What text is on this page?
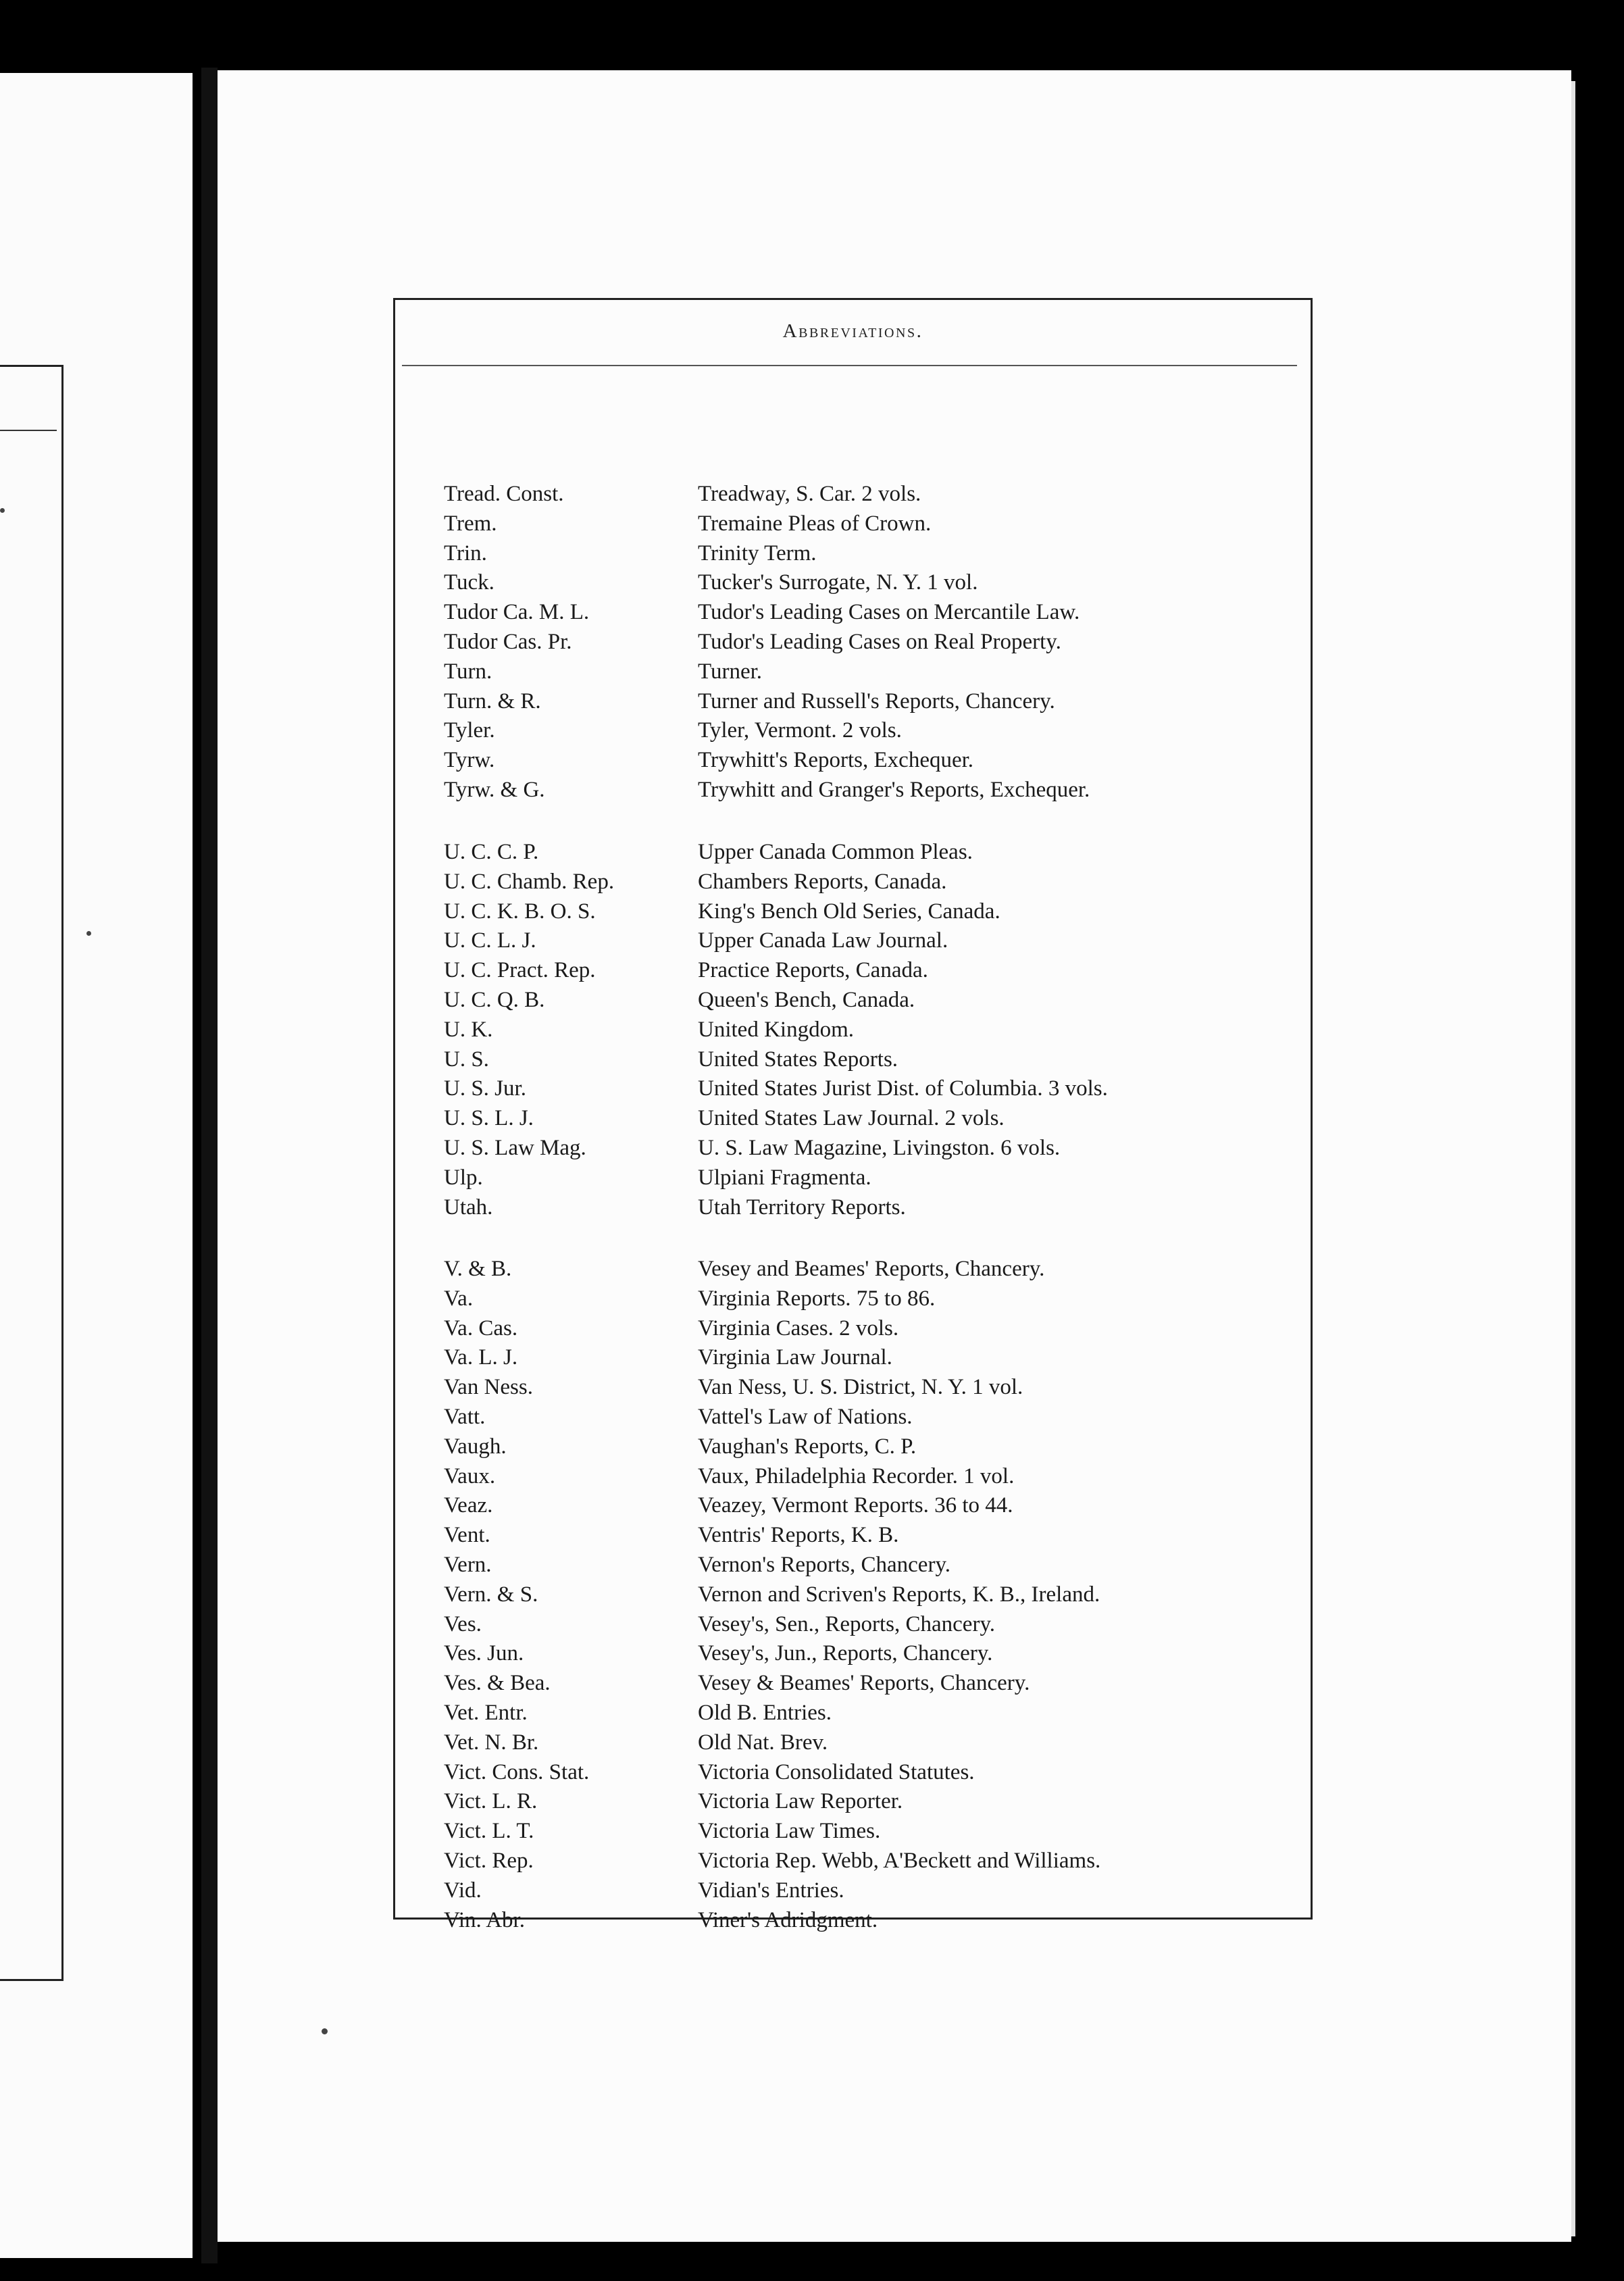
Abbreviations.
Tread. Const.	Treadway, S. Car. 2 vols.
Trem.	Tremaine Pleas of Crown.
Trin.	Trinity Term.
Tuck.	Tucker's Surrogate, N. Y. 1 vol.
Tudor Ca. M. L.	Tudor's Leading Cases on Mercantile Law.
Tudor Cas. Pr.	Tudor's Leading Cases on Real Property.
Turn.	Turner.
Turn. & R.	Turner and Russell's Reports, Chancery.
Tyler.	Tyler, Vermont. 2 vols.
Tyrw.	Trywhitt's Reports, Exchequer.
Tyrw. & G.	Trywhitt and Granger's Reports, Exchequer.
U. C. C. P.	Upper Canada Common Pleas.
U. C. Chamb. Rep.	Chambers Reports, Canada.
U. C. K. B. O. S.	King's Bench Old Series, Canada.
U. C. L. J.	Upper Canada Law Journal.
U. C. Pract. Rep.	Practice Reports, Canada.
U. C. Q. B.	Queen's Bench, Canada.
U. K.	United Kingdom.
U. S.	United States Reports.
U. S. Jur.	United States Jurist Dist. of Columbia. 3 vols.
U. S. L. J.	United States Law Journal. 2 vols.
U. S. Law Mag.	U. S. Law Magazine, Livingston. 6 vols.
Ulp.	Ulpiani Fragmenta.
Utah.	Utah Territory Reports.
V. & B.	Vesey and Beames' Reports, Chancery.
Va.	Virginia Reports. 75 to 86.
Va. Cas.	Virginia Cases. 2 vols.
Va. L. J.	Virginia Law Journal.
Van Ness.	Van Ness, U. S. District, N. Y. 1 vol.
Vatt.	Vattel's Law of Nations.
Vaugh.	Vaughan's Reports, C. P.
Vaux.	Vaux, Philadelphia Recorder. 1 vol.
Veaz.	Veazey, Vermont Reports. 36 to 44.
Vent.	Ventris' Reports, K. B.
Vern.	Vernon's Reports, Chancery.
Vern. & S.	Vernon and Scriven's Reports, K. B., Ireland.
Ves.	Vesey's, Sen., Reports, Chancery.
Ves. Jun.	Vesey's, Jun., Reports, Chancery.
Ves. & Bea.	Vesey & Beames' Reports, Chancery.
Vet. Entr.	Old B. Entries.
Vet. N. Br.	Old Nat. Brev.
Vict. Cons. Stat.	Victoria Consolidated Statutes.
Vict. L. R.	Victoria Law Reporter.
Vict. L. T.	Victoria Law Times.
Vict. Rep.	Victoria Rep. Webb, A'Beckett and Williams.
Vid.	Vidian's Entries.
Vin. Abr.	Viner's Adridgment.
